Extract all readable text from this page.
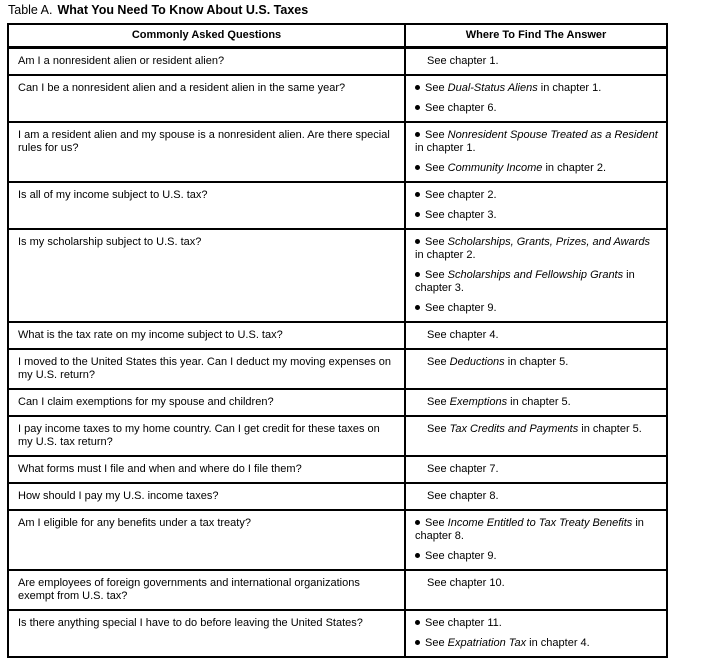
Table A. What You Need To Know About U.S. Taxes
Commonly Asked Questions	Where To Find The Answer
Am I a nonresident alien or resident alien?	See chapter 1.

Can I be a nonresident alien and a resident alien in the same year?	See Dual-Status Aliens in chapter 1.
See chapter 6.

I am a resident alien and my spouse is a nonresident alien. Are there special rules for us?	See Nonresident Spouse Treated as a Resident in chapter 1.
See Community Income in chapter 2.

Is all of my income subject to U.S. tax?	See chapter 2.
See chapter 3.

Is my scholarship subject to U.S. tax?	See Scholarships, Grants, Prizes, and Awards in chapter 2.
See Scholarships and Fellowship Grants in chapter 3.
See chapter 9.

What is the tax rate on my income subject to U.S. tax?	See chapter 4.

I moved to the United States this year. Can I deduct my moving expenses on my U.S. return?	See Deductions in chapter 5.

Can I claim exemptions for my spouse and children?	See Exemptions in chapter 5.

I pay income taxes to my home country. Can I get credit for these taxes on my U.S. tax return?	See Tax Credits and Payments in chapter 5.

What forms must I file and when and where do I file them?	See chapter 7.

How should I pay my U.S. income taxes?	See chapter 8.

Am I eligible for any benefits under a tax treaty?	See Income Entitled to Tax Treaty Benefits in chapter 8.
See chapter 9.

Are employees of foreign governments and international organizations exempt from U.S. tax?	See chapter 10.

Is there anything special I have to do before leaving the United States?	See chapter 11.
See Expatriation Tax in chapter 4.
